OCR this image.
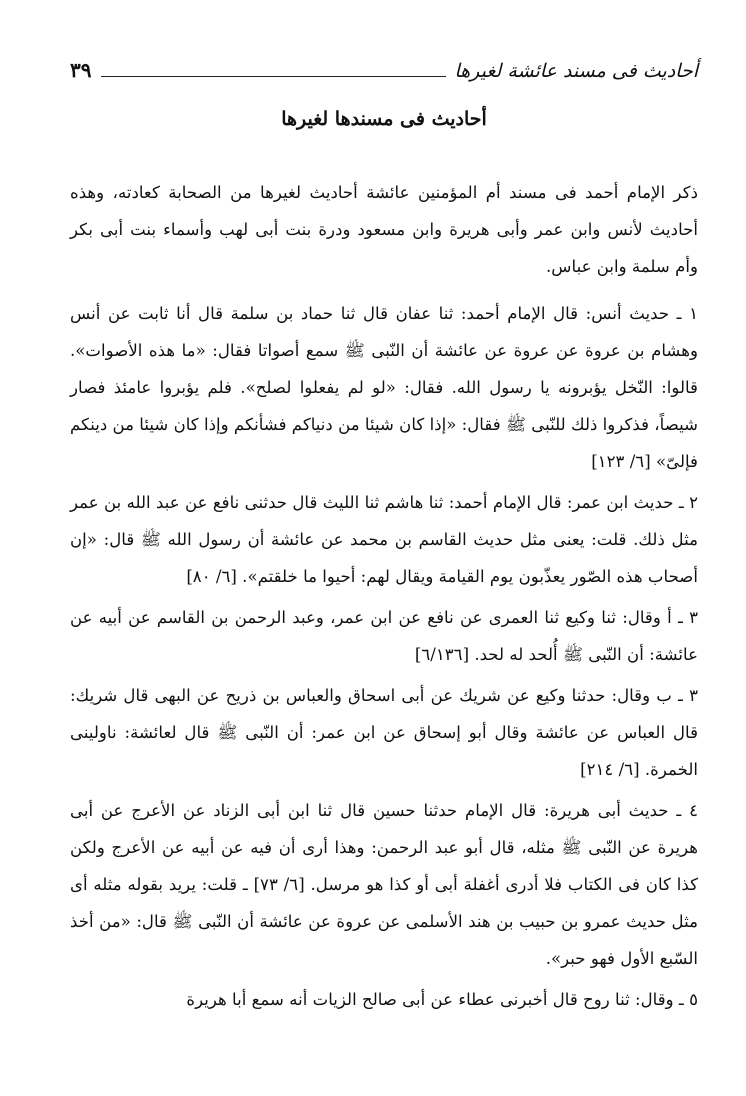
أحاديث فى مسند عائشة لغيرها
٣٩
أحاديث فى مسندها لغيرها

ذكر الإمام أحمد فى مسند أم المؤمنين عائشة أحاديث لغيرها من الصحابة كعادته، وهذه أحاديث لأنس وابن عمر وأبى هريرة وابن مسعود ودرة بنت أبى لهب وأسماء بنت أبى بكر وأم سلمة وابن عباس.

١ ـ حديث أنس: قال الإمام أحمد: ثنا عفان قال ثنا حماد بن سلمة قال أنا ثابت عن أنس وهشام بن عروة عن عروة عن عائشة أن النّبى ﷺ سمع أصواتا فقال: «ما هذه الأصوات». قالوا: النّخل يؤبرونه يا رسول الله. فقال: «لو لم يفعلوا لصلح». فلم يؤبروا عامئذ فصار شيصاً، فذكروا ذلك للنّبى ﷺ فقال: «إذا كان شيئا من دنياكم فشأنكم وإذا كان شيئا من دينكم فإلىّ» [٦/ ١٢٣]

٢ ـ حديث ابن عمر: قال الإمام أحمد: ثنا هاشم ثنا الليث قال حدثنى نافع عن عبد الله بن عمر مثل ذلك. قلت: يعنى مثل حديث القاسم بن محمد عن عائشة أن رسول الله ﷺ قال: «إن أصحاب هذه الصّور يعذّبون يوم القيامة ويقال لهم: أحيوا ما خلقتم». [٦/ ٨٠]

٣ ـ أ وقال: ثنا وكيع ثنا العمرى عن نافع عن ابن عمر، وعبد الرحمن بن القاسم عن أبيه عن عائشة: أن النّبى ﷺ أُلحد له لحد. [٦/١٣٦]

٣ ـ ب وقال: حدثنا وكيع عن شريك عن أبى اسحاق والعباس بن ذريح عن البهى قال شريك: قال العباس عن عائشة وقال أبو إسحاق عن ابن عمر: أن النّبى ﷺ قال لعائشة: ناولينى الخمرة. [٦/ ٢١٤]

٤ ـ حديث أبى هريرة: قال الإمام حدثنا حسين قال ثنا ابن أبى الزناد عن الأعرج عن أبى هريرة عن النّبى ﷺ مثله، قال أبو عبد الرحمن: وهذا أرى أن فيه عن أبيه عن الأعرج ولكن كذا كان فى الكتاب فلا أدرى أغفلة أبى أو كذا هو مرسل. [٦/ ٧٣] ـ قلت: يريد بقوله مثله أى مثل حديث عمرو بن حبيب بن هند الأسلمى عن عروة عن عائشة أن النّبى ﷺ قال: «من أخذ السّبع الأول فهو حبر».

٥ ـ وقال: ثنا روح قال أخبرنى عطاء عن أبى صالح الزيات أنه سمع أبا هريرة
